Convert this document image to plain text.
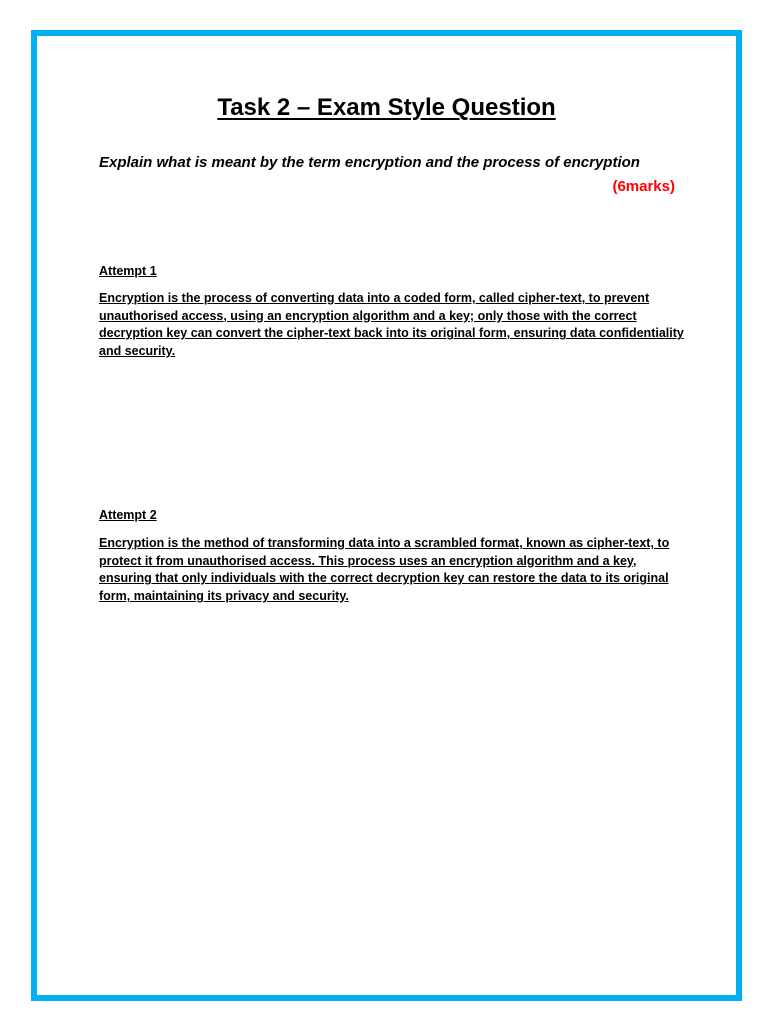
Task 2 – Exam Style Question

Explain what is meant by the term encryption and the process of encryption

(6marks)

Attempt 1

Encryption is the process of converting data into a coded form, called cipher-text, to prevent unauthorised access, using an encryption algorithm and a key; only those with the correct decryption key can convert the cipher-text back into its original form, ensuring data confidentiality and security.

Attempt 2

Encryption is the method of transforming data into a scrambled format, known as cipher-text, to protect it from unauthorised access. This process uses an encryption algorithm and a key, ensuring that only individuals with the correct decryption key can restore the data to its original form, maintaining its privacy and security.
